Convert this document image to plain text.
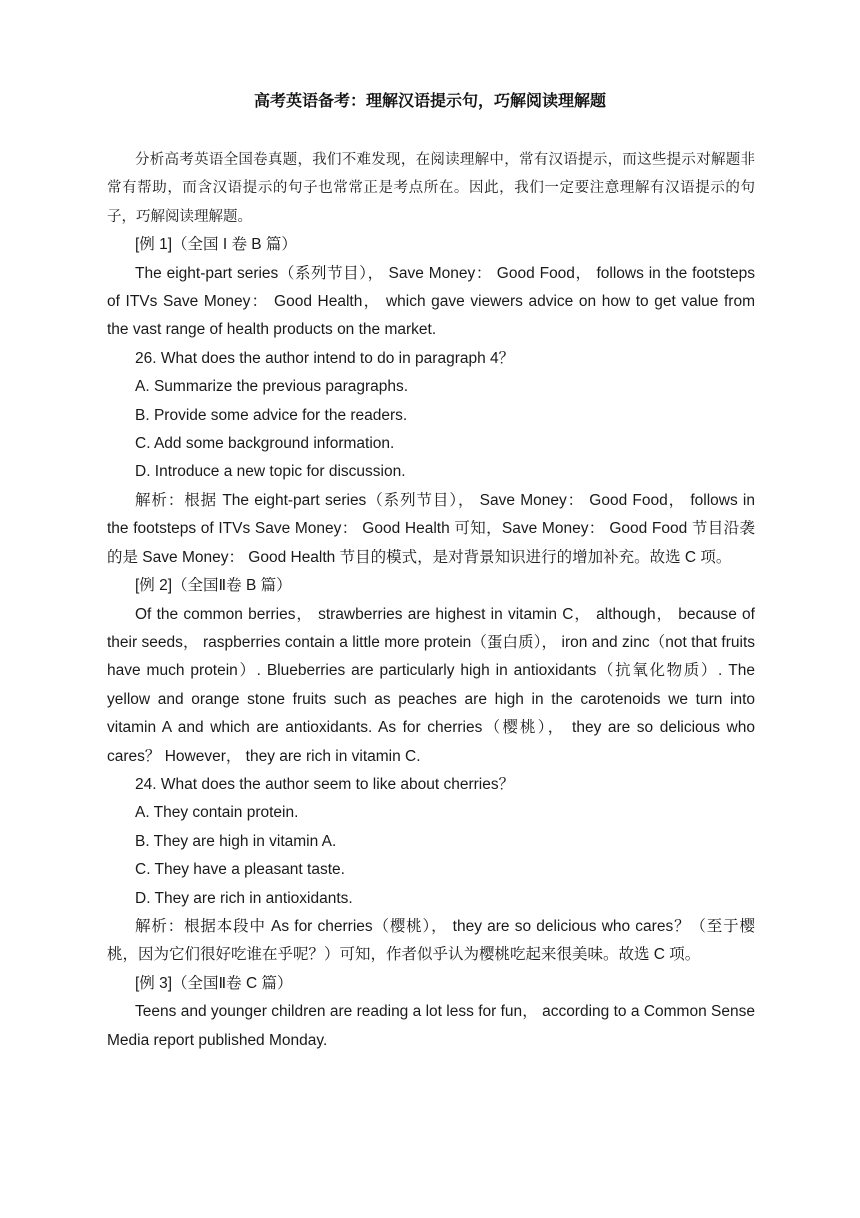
高考英语备考：理解汉语提示句，巧解阅读理解题

分析高考英语全国卷真题，我们不难发现，在阅读理解中，常有汉语提示，而这些提示对解题非常有帮助，而含汉语提示的句子也常常正是考点所在。因此，我们一定要注意理解有汉语提示的句子，巧解阅读理解题。

[例 1]（全国 I 卷 B 篇）

The eight-part series（系列节目）， Save Money： Good Food， follows in the footsteps of ITVs Save Money： Good Health， which gave viewers advice on how to get value from the vast range of health products on the market.

26. What does the author intend to do in paragraph 4？

A. Summarize the previous paragraphs.

B. Provide some advice for the readers.

C. Add some background information.

D. Introduce a new topic for discussion.

解析：根据 The eight-part series（系列节目）， Save Money： Good Food， follows in the footsteps of ITVs Save Money： Good Health 可知，Save Money： Good Food 节目沿袭的是 Save Money： Good Health 节目的模式，是对背景知识进行的增加补充。故选 C 项。

[例 2]（全国Ⅱ卷 B 篇）

Of the common berries， strawberries are highest in vitamin C， although， because of their seeds， raspberries contain a little more protein（蛋白质）， iron and zinc（not that fruits have much protein）. Blueberries are particularly high in antioxidants（抗氧化物质）. The yellow and orange stone fruits such as peaches are high in the carotenoids we turn into vitamin A and which are antioxidants. As for cherries（樱桃）， they are so delicious who cares？ However， they are rich in vitamin C.

24. What does the author seem to like about cherries？

A. They contain protein.

B. They are high in vitamin A.

C. They have a pleasant taste.

D. They are rich in antioxidants.

解析：根据本段中 As for cherries（樱桃）， they are so delicious who cares？（至于樱桃，因为它们很好吃谁在乎呢？）可知，作者似乎认为樱桃吃起来很美味。故选 C 项。

[例 3]（全国Ⅱ卷 C 篇）

Teens and younger children are reading a lot less for fun， according to a Common Sense Media report published Monday.
